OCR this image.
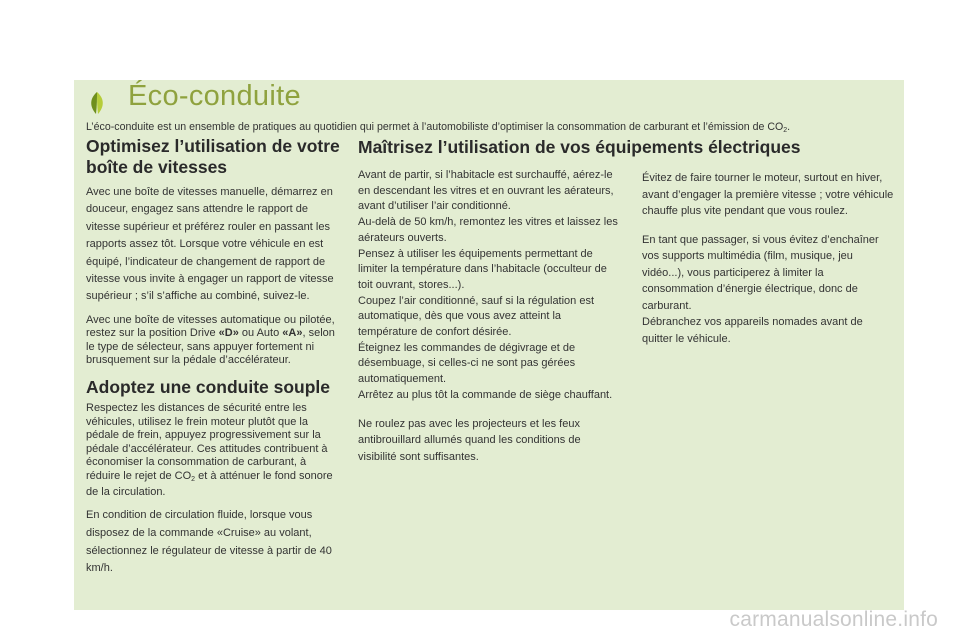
Éco-conduite
L’éco-conduite est un ensemble de pratiques au quotidien qui permet à l’automobiliste d’optimiser la consommation de carburant et l’émission de $CO_2$.
Optimisez l’utilisation de votre boîte de vitesses

Avec une boîte de vitesses manuelle, démarrez en douceur, engagez sans attendre le rapport de vitesse supérieur et préférez rouler en passant les rapports assez tôt. Lorsque votre véhicule en est équipé, l’indicateur de changement de rapport de vitesse vous invite à engager un rapport de vitesse supérieur ; s’il s’affiche au combiné, suivez-le.

Avec une boîte de vitesses automatique ou pilotée, restez sur la position Drive «D» ou Auto «A», selon le type de sélecteur, sans appuyer fortement ni brusquement sur la pédale d’accélérateur.

Adoptez une conduite souple

Respectez les distances de sécurité entre les véhicules, utilisez le frein moteur plutôt que la pédale de frein, appuyez progressivement sur la pédale d’accélérateur. Ces attitudes contribuent à économiser la consommation de carburant, à réduire le rejet de $CO_2$ et à atténuer le fond sonore de la circulation.

En condition de circulation fluide, lorsque vous disposez de la commande «Cruise» au volant, sélectionnez le régulateur de vitesse à partir de 40 km/h.

Maîtrisez l’utilisation de vos équipements électriques

Avant de partir, si l’habitacle est surchauffé, aérez-le en descendant les vitres et en ouvrant les aérateurs, avant d’utiliser l’air conditionné.
Au-delà de 50 km/h, remontez les vitres et laissez les aérateurs ouverts.
Pensez à utiliser les équipements permettant de limiter la température dans l’habitacle (occulteur de toit ouvrant, stores...).
Coupez l’air conditionné, sauf si la régulation est automatique, dès que vous avez atteint la température de confort désirée.
Éteignez les commandes de dégivrage et de désembuage, si celles-ci ne sont pas gérées automatiquement.
Arrêtez au plus tôt la commande de siège chauffant.

Ne roulez pas avec les projecteurs et les feux antibrouillard allumés quand les conditions de visibilité sont suffisantes.

Évitez de faire tourner le moteur, surtout en hiver, avant d’engager la première vitesse ; votre véhicule chauffe plus vite pendant que vous roulez.

En tant que passager, si vous évitez d’enchaîner vos supports multimédia (film, musique, jeu vidéo...), vous participerez à limiter la consommation d’énergie électrique, donc de carburant.
Débranchez vos appareils nomades avant de quitter le véhicule.

carmanualsonline.info
